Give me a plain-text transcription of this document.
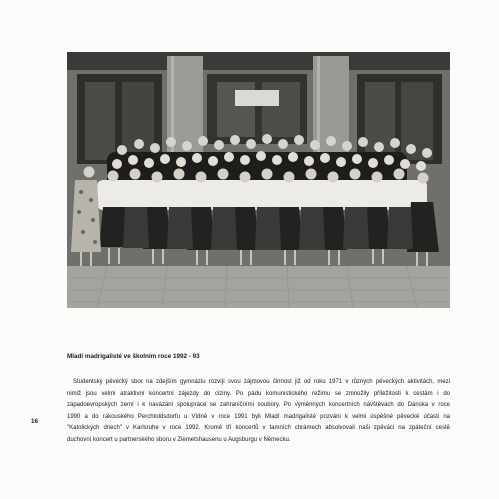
Mladí madrigalisté ve školním roce 1992 - 93
Studentský pěvecký sbor na zdejším gymnáziu rozvíjí svou zájmovou činnost již od roku 1971 v různých pěveckých aktivitách, mezi
nimiž jsou velmi atraktivní koncertní zájezdy do ciziny. Po pádu komunistického režimu se zmnožily příležitosti k cestám i do
západoevropských zemí i k navázání spolupráce se zahraničními soubory. Po výměnných koncertních návštěvách do Dánska v roce
1990 a do rakouského Perchtoldsdorfu u Vídně v roce 1991 byli Mladí madrigalisté pozváni k velmi úspěšné pěvecké účasti na
"Katolických dnech" v Karlsruhe v roce 1992. Kromě tří koncertů v tamních chrámech absolvovali naši zpěváci na zpáteční cestě
duchovní koncert u partnerského sboru v Ziemetshausenu u Augsburgu v Německu.
16
